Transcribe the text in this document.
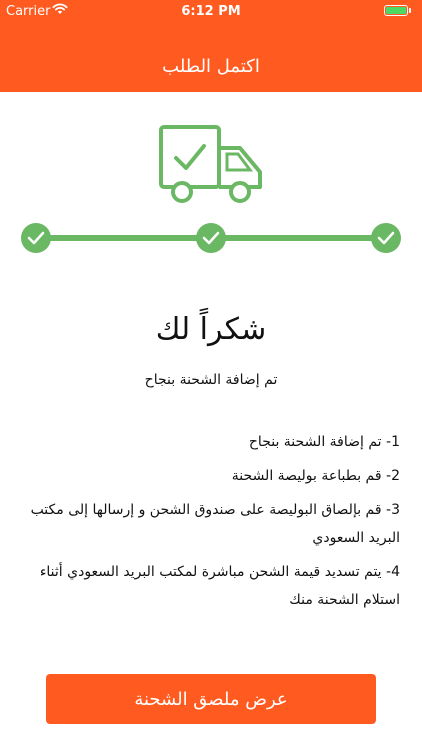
Carrier	6:12 PM
اكتمل الطلب
شكراً لك
تم إضافة الشحنة بنجاح

1- تم إضافة الشحنة بنجاح

2- قم بطباعة بوليصة الشحنة

3- قم بإلصاق البوليصة على صندوق الشحن و إرسالها إلى مكتب البريد السعودي

4- يتم تسديد قيمة الشحن مباشرة لمكتب البريد السعودي أثناء استلام الشحنة منك

عرض ملصق الشحنة
